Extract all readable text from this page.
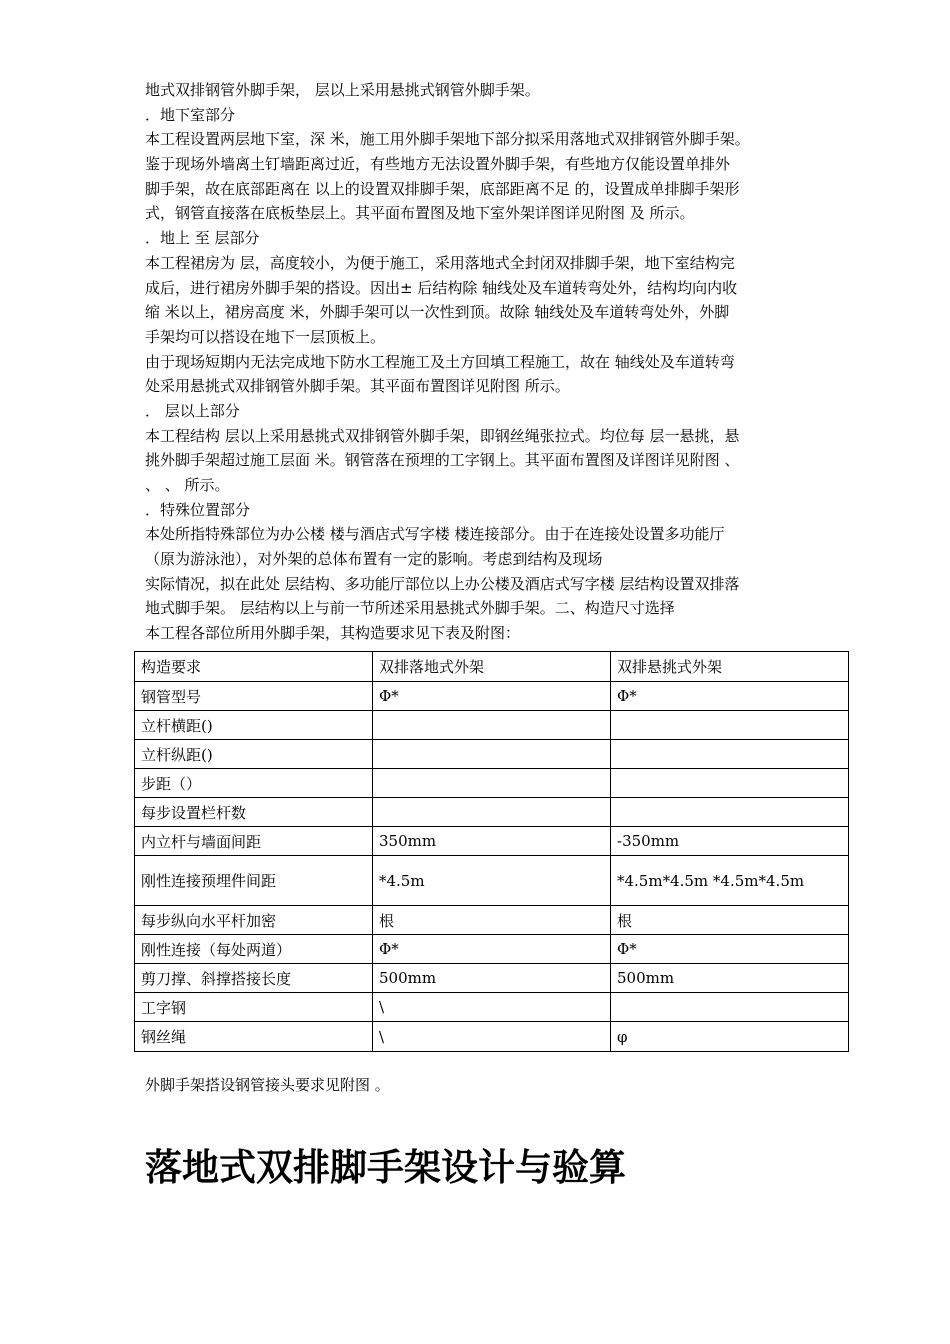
地式双排钢管外脚手架， 层以上采用悬挑式钢管外脚手架。
．地下室部分
本工程设置两层地下室，深 米，施工用外脚手架地下部分拟采用落地式双排钢管外脚手架。
鉴于现场外墙离土钉墙距离过近，有些地方无法设置外脚手架，有些地方仅能设置单排外
脚手架，故在底部距离在 以上的设置双排脚手架，底部距离不足 的，设置成单排脚手架形
式，钢管直接落在底板垫层上。其平面布置图及地下室外架详图详见附图 及 所示。
．地上 至 层部分
本工程裙房为 层，高度较小，为便于施工，采用落地式全封闭双排脚手架，地下室结构完
成后，进行裙房外脚手架的搭设。因出± 后结构除 轴线处及车道转弯处外，结构均向内收
缩 米以上，裙房高度 米，外脚手架可以一次性到顶。故除 轴线处及车道转弯处外，外脚
手架均可以搭设在地下一层顶板上。
由于现场短期内无法完成地下防水工程施工及土方回填工程施工，故在 轴线处及车道转弯
处采用悬挑式双排钢管外脚手架。其平面布置图详见附图 所示。
． 层以上部分
本工程结构 层以上采用悬挑式双排钢管外脚手架，即钢丝绳张拉式。均位每 层一悬挑，悬
挑外脚手架超过施工层面 米。钢管落在预埋的工字钢上。其平面布置图及详图详见附图 、
、 、 所示。
．特殊位置部分
本处所指特殊部位为办公楼 楼与酒店式写字楼 楼连接部分。由于在连接处设置多功能厅
（原为游泳池），对外架的总体布置有一定的影响。考虑到结构及现场
实际情况，拟在此处 层结构、多功能厅部位以上办公楼及酒店式写字楼 层结构设置双排落
地式脚手架。 层结构以上与前一节所述采用悬挑式外脚手架。二、构造尺寸选择
本工程各部位所用外脚手架，其构造要求见下表及附图：
构造要求	双排落地式外架	双排悬挑式外架
钢管型号	Φ*	Φ*
立杆横距()		
立杆纵距()		
步距（）		
每步设置栏杆数		
内立杆与墙面间距	350mm	-350mm
刚性连接预埋件间距	*4.5m	*4.5m*4.5m *4.5m*4.5m
每步纵向水平杆加密	根	根
刚性连接（每处两道）	Φ*	Φ*
剪刀撑、斜撑搭接长度	500mm	500mm
工字钢	\	
钢丝绳	\	φ
外脚手架搭设钢管接头要求见附图 。
落地式双排脚手架设计与验算
